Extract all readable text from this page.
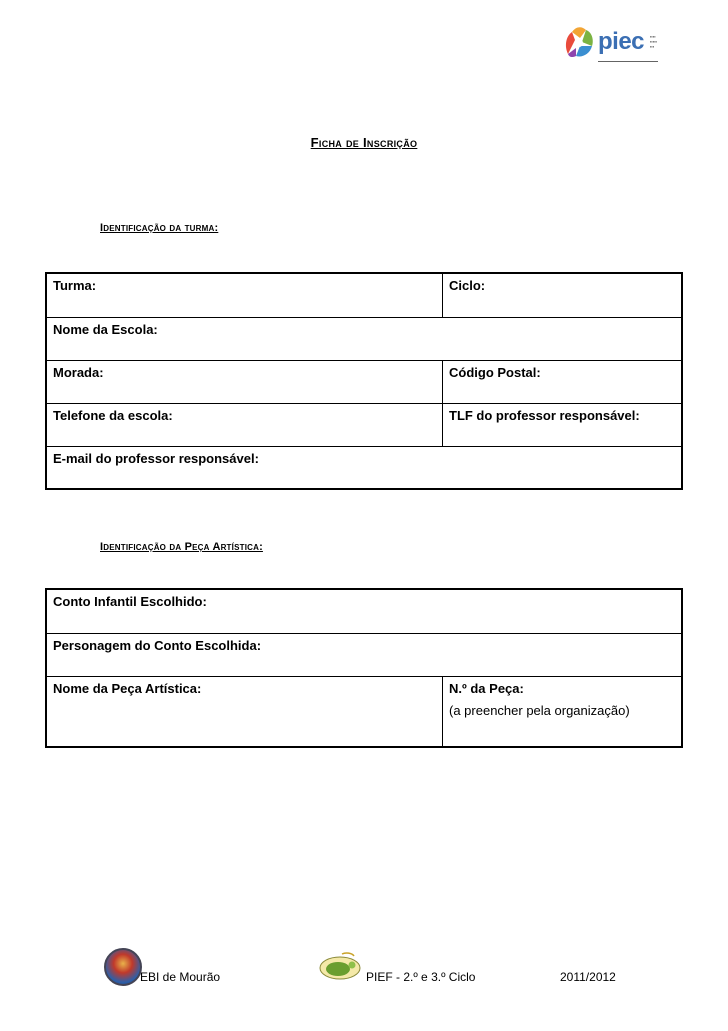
piec ▪▪▪▪
▪▪▪▪▪
▪▪▪
▬▬▬▬▬▬▬▬▬▬▬▬▬▬▬▬▬▬▬▬
Ficha de Inscrição
Identificação da turma:
Turma:	Ciclo:
Nome da Escola:
Morada:	Código Postal:
Telefone da escola:	TLF do professor responsável:
E-mail do professor responsável:
Identificação da Peça Artística:
Conto Infantil Escolhido:
Personagem do Conto Escolhida:
Nome da Peça Artística:	N.º da Peça:
(a preencher pela organização)
EBI de Mourão	PIEF - 2.º e 3.º Ciclo	2011/2012
